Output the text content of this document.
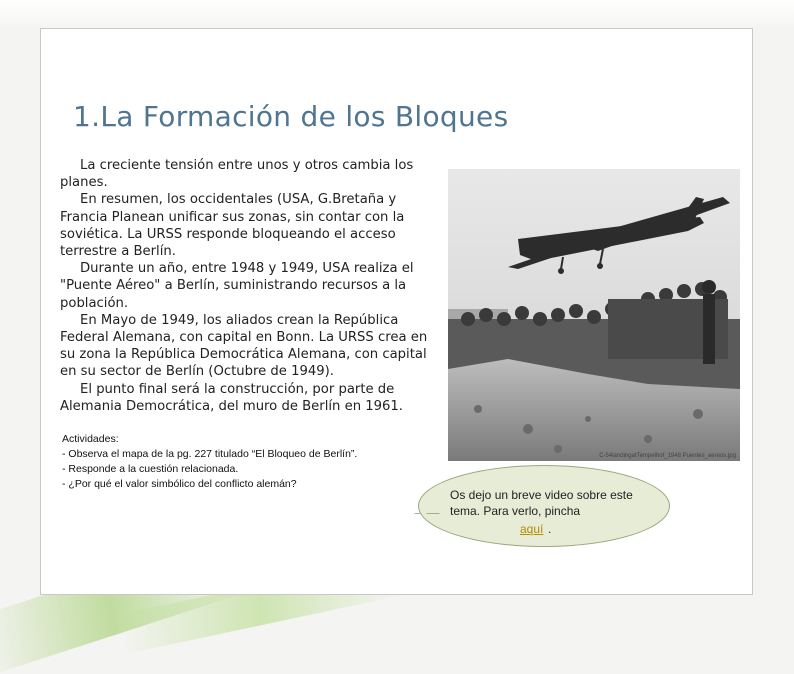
1.La Formación de los Bloques

La creciente tensión entre unos y otros cambia los planes.

En resumen, los occidentales (USA, G.Bretaña y Francia Planean unificar sus zonas, sin contar con la soviética. La URSS responde bloqueando el acceso terrestre a Berlín.

Durante un año, entre 1948 y 1949, USA realiza el "Puente Aéreo" a Berlín, suministrando recursos a la población.

En Mayo de 1949, los aliados crean la República Federal Alemana, con capital en Bonn. La URSS crea en su zona la República Democrática Alemana, con capital en su sector de Berlín (Octubre de 1949).

El punto final será la construcción, por parte de Alemania Democrática, del muro de Berlín en 1961.

Actividades:
- Observa el mapa de la pg. 227 titulado “El Bloqueo de Berlín”.
- Responde a la cuestión relacionada.
- ¿Por qué el valor simbólico del conflicto alemán?
C-54landingatTempelhof_1948 Puentes_aereos.jpg
Os dejo un breve video sobre este tema. Para verlo, pincha
aquí .
